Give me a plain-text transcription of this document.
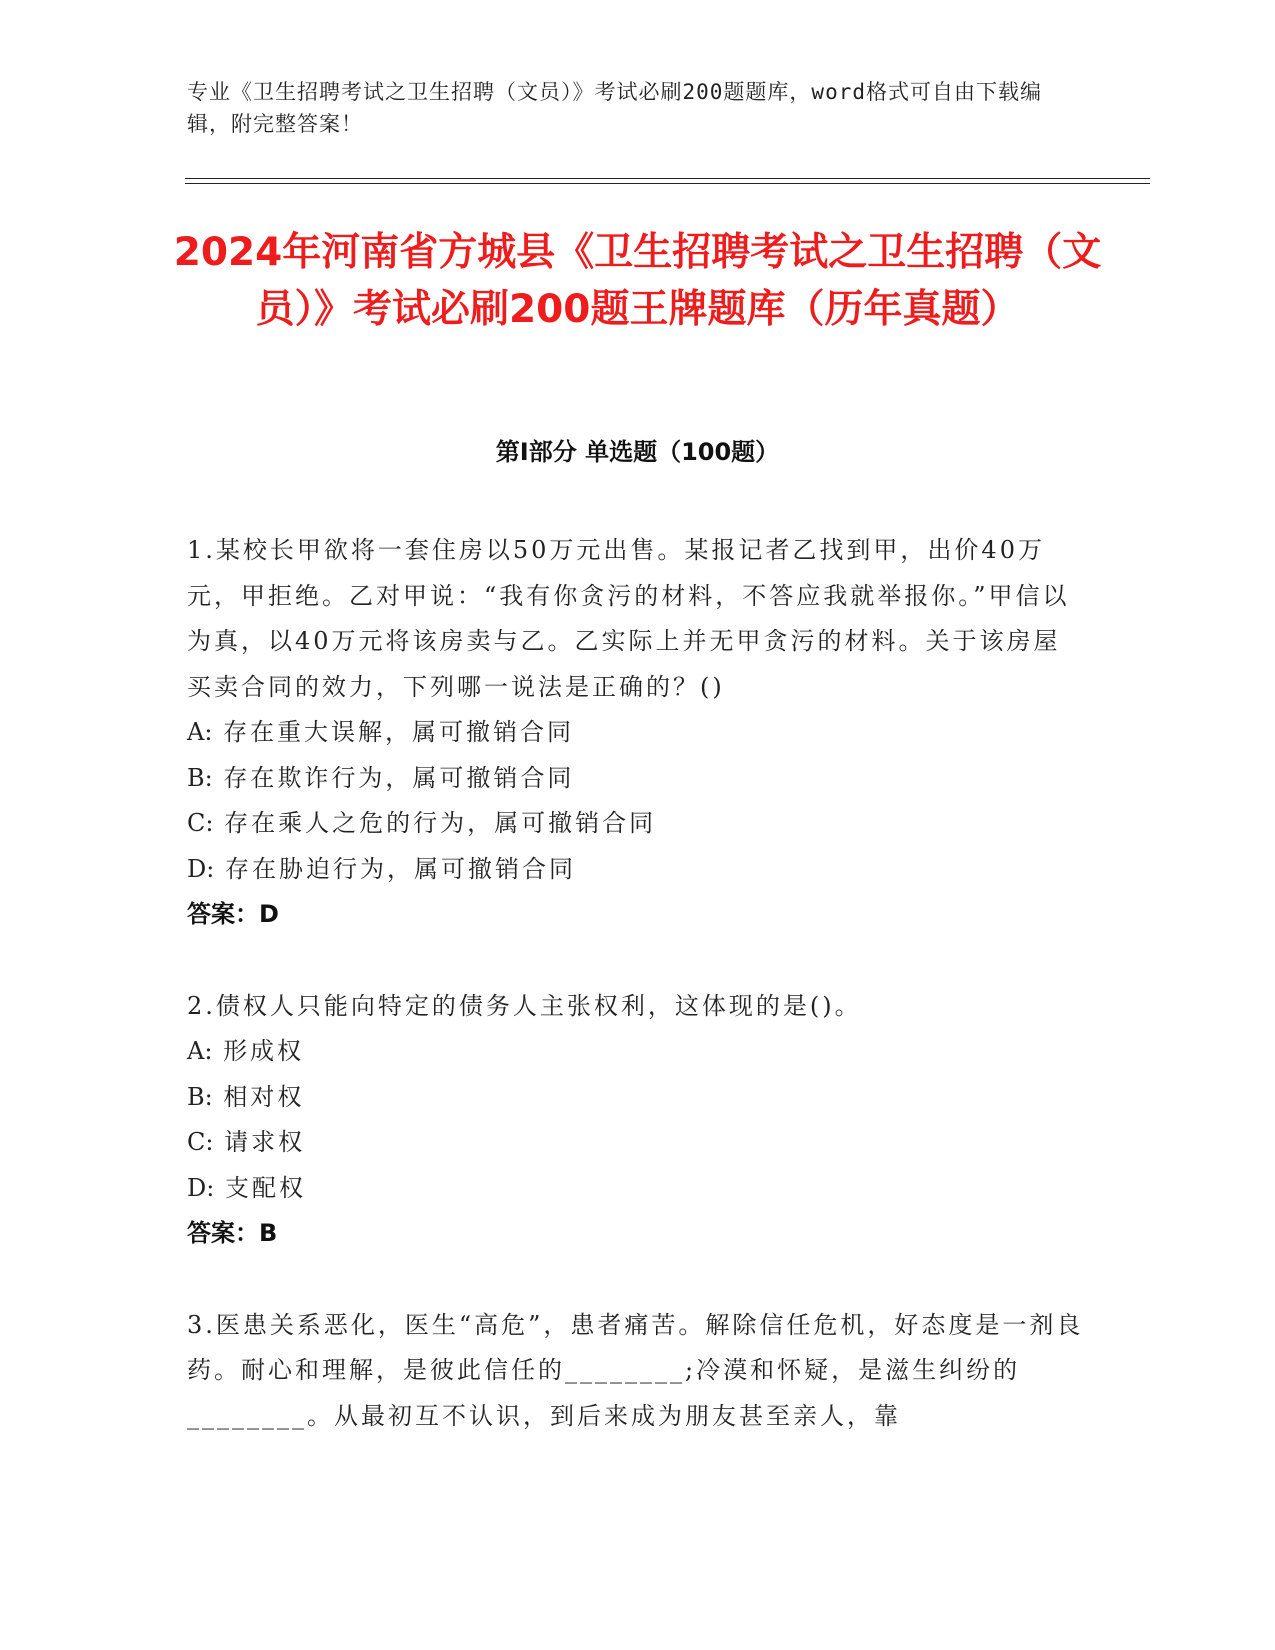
专业《卫生招聘考试之卫生招聘（文员）》考试必刷200题题库，word格式可自由下载编辑，附完整答案！
2024年河南省方城县《卫生招聘考试之卫生招聘（文员）》考试必刷200题王牌题库（历年真题）
第Ⅰ部分 单选题（100题）

1.某校长甲欲将一套住房以50万元出售。某报记者乙找到甲，出价40万元，甲拒绝。乙对甲说：“我有你贪污的材料，不答应我就举报你。”甲信以为真，以40万元将该房卖与乙。乙实际上并无甲贪污的材料。关于该房屋买卖合同的效力，下列哪一说法是正确的？()

A: 存在重大误解，属可撤销合同

B: 存在欺诈行为，属可撤销合同

C: 存在乘人之危的行为，属可撤销合同

D: 存在胁迫行为，属可撤销合同

答案：D

2.债权人只能向特定的债务人主张权利，这体现的是()。

A: 形成权

B: 相对权

C: 请求权

D: 支配权

答案：B

3.医患关系恶化，医生“高危”，患者痛苦。解除信任危机，好态度是一剂良药。耐心和理解，是彼此信任的________;冷漠和怀疑，是滋生纠纷的________。从最初互不认识，到后来成为朋友甚至亲人，靠
